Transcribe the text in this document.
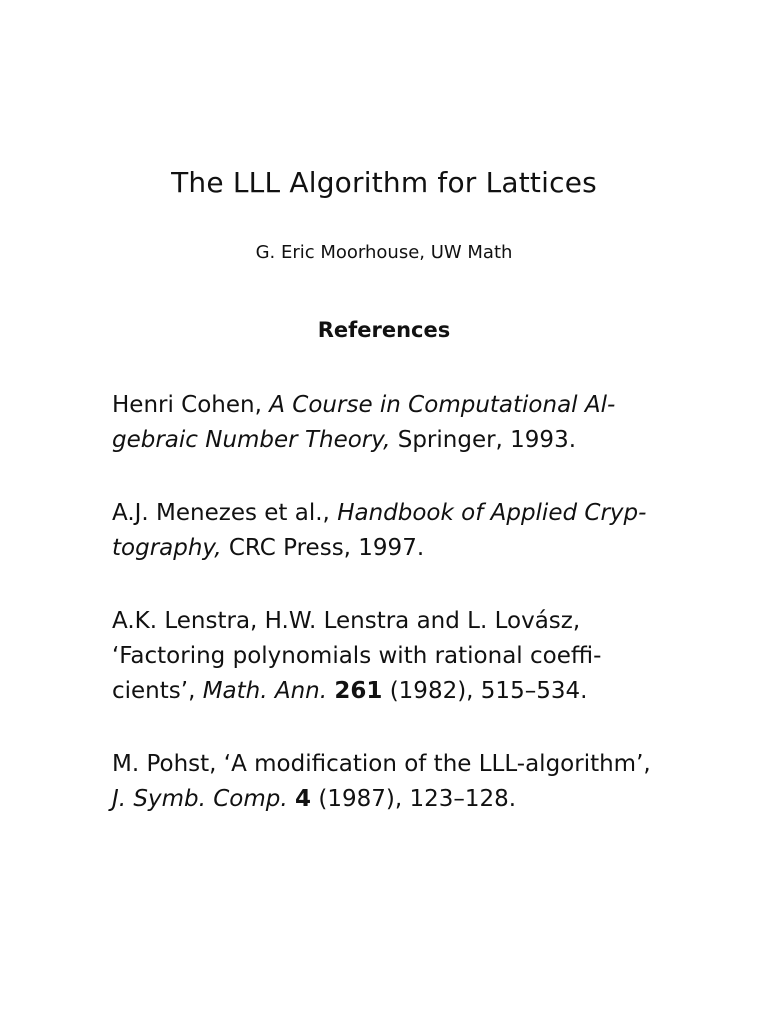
The LLL Algorithm for Lattices

G. Eric Moorhouse, UW Math

References

Henri Cohen, A Course in Computational Al-
gebraic Number Theory, Springer, 1993.

A.J. Menezes et al., Handbook of Applied Cryp-
tography, CRC Press, 1997.

A.K. Lenstra, H.W. Lenstra and L. Lovász,
‘Factoring polynomials with rational coeffi-
cients’, Math. Ann. 261 (1982), 515–534.

M. Pohst, ‘A modification of the LLL-algorithm’,
J. Symb. Comp. 4 (1987), 123–128.
